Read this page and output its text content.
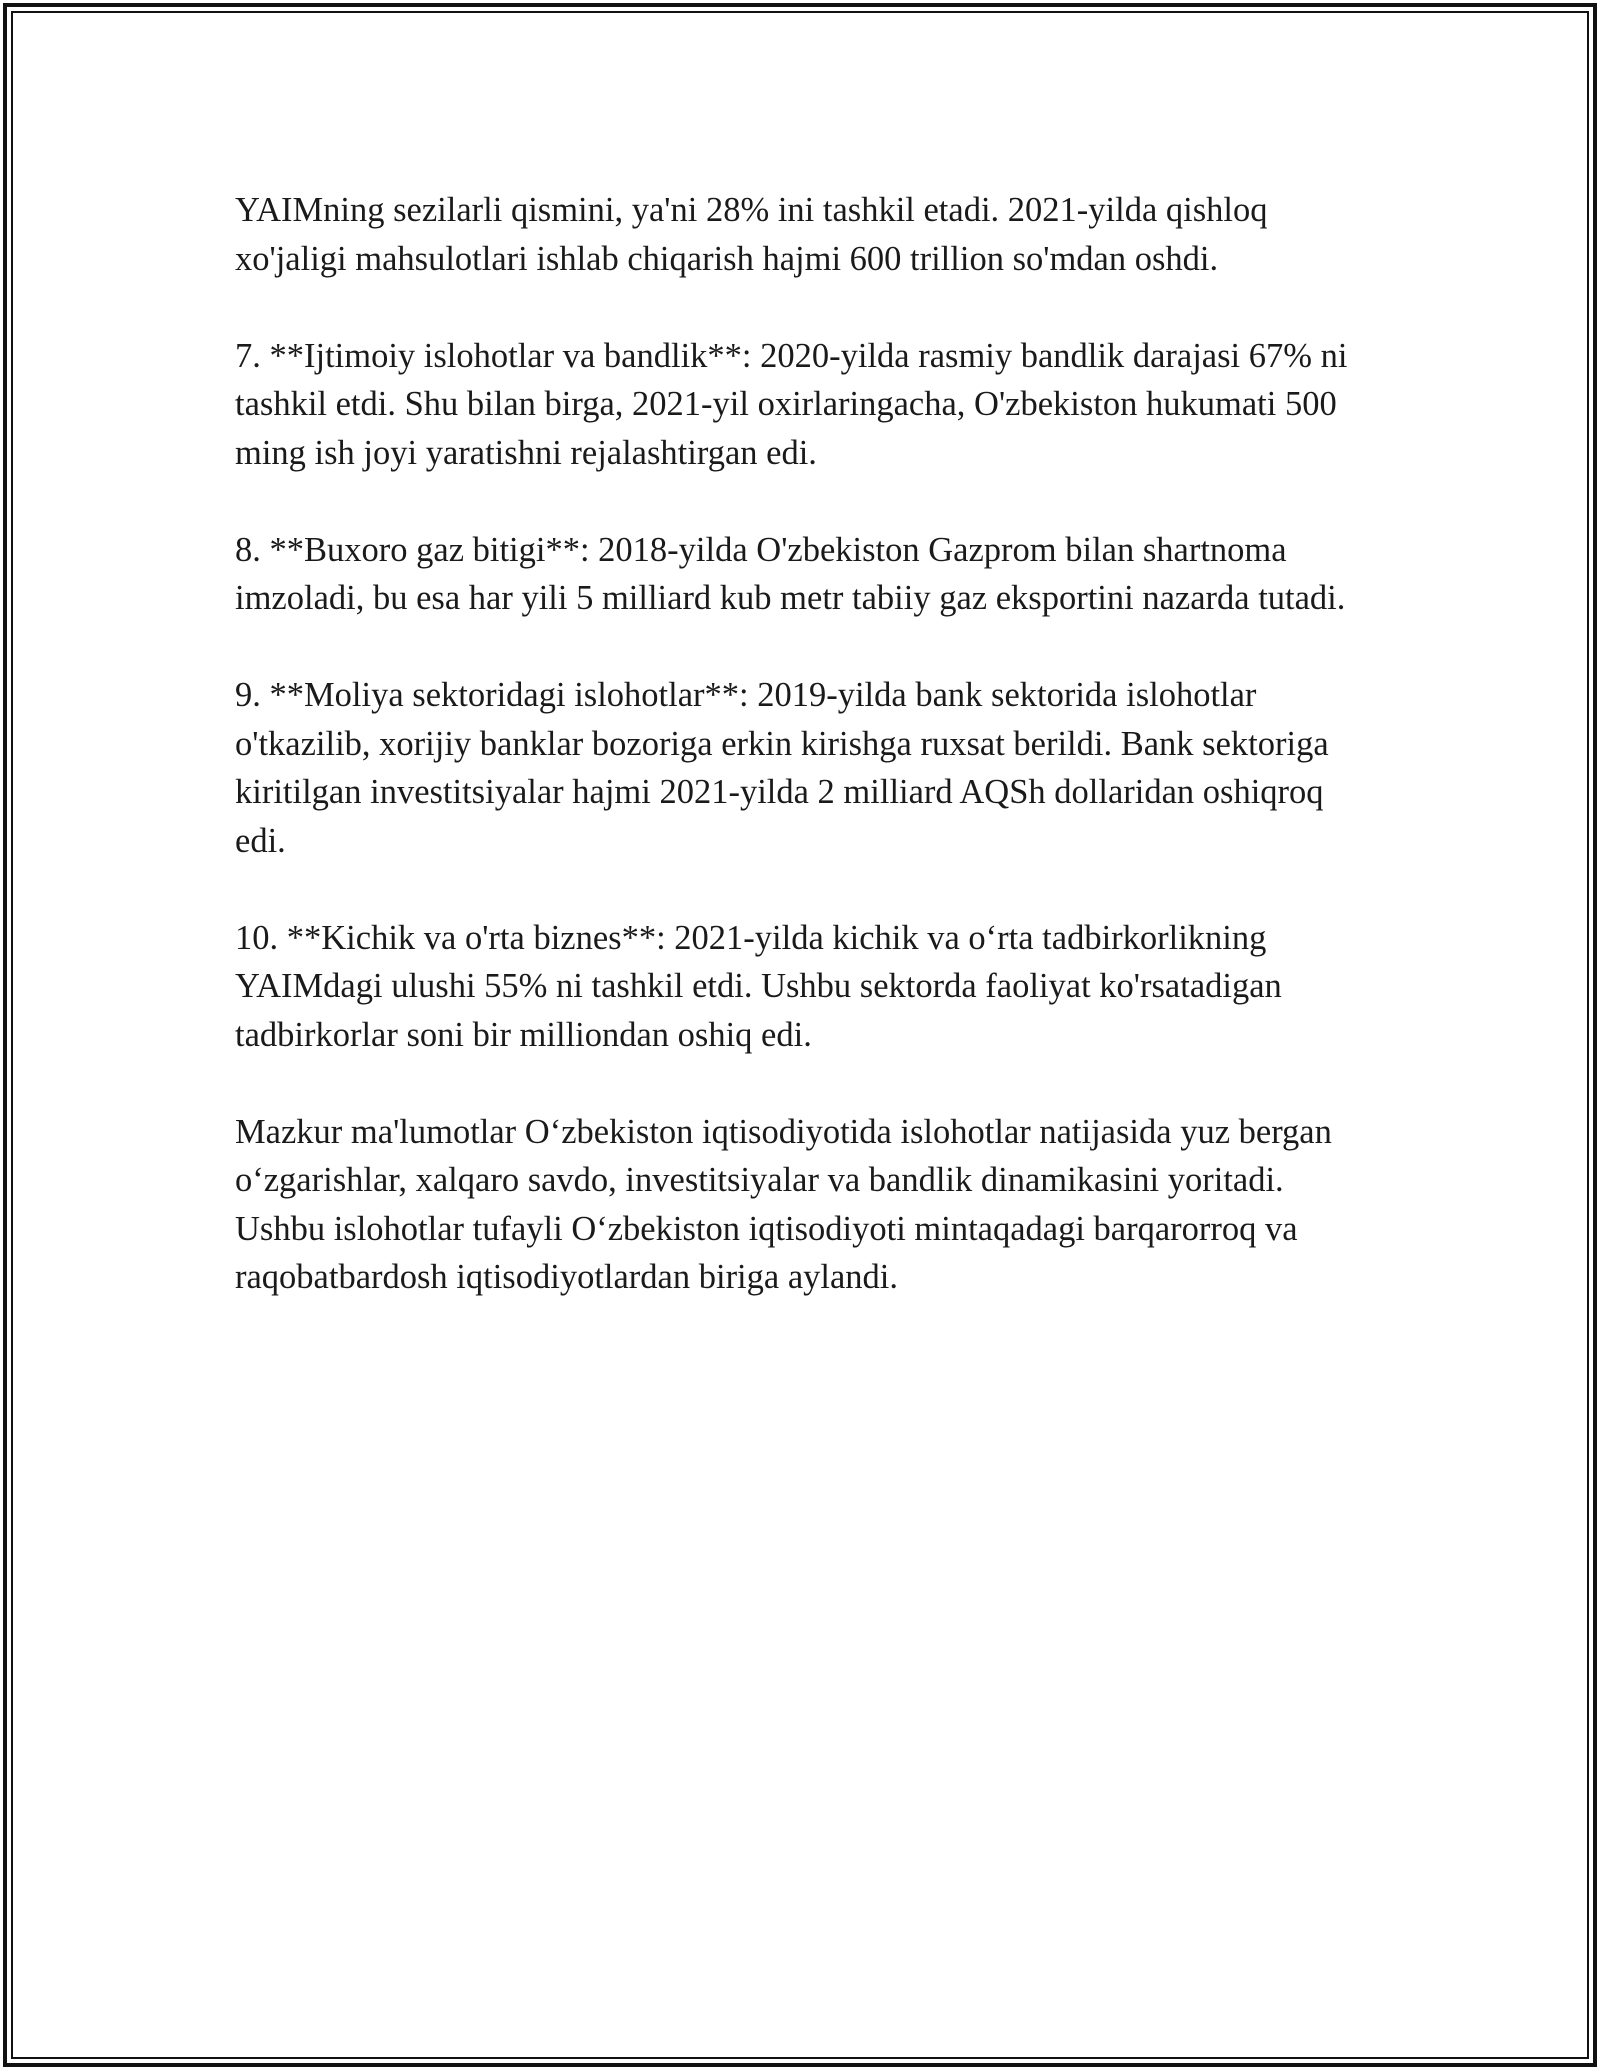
YAIMning sezilarli qismini, ya'ni 28% ini tashkil etadi. 2021-yilda qishloq xo'jaligi mahsulotlari ishlab chiqarish hajmi 600 trillion so'mdan oshdi.

7. **Ijtimoiy islohotlar va bandlik**: 2020-yilda rasmiy bandlik darajasi 67% ni tashkil etdi. Shu bilan birga, 2021-yil oxirlaringacha, O'zbekiston hukumati 500 ming ish joyi yaratishni rejalashtirgan edi.

8. **Buxoro gaz bitigi**: 2018-yilda O'zbekiston Gazprom bilan shartnoma imzoladi, bu esa har yili 5 milliard kub metr tabiiy gaz eksportini nazarda tutadi.

9. **Moliya sektoridagi islohotlar**: 2019-yilda bank sektorida islohotlar o'tkazilib, xorijiy banklar bozoriga erkin kirishga ruxsat berildi. Bank sektoriga kiritilgan investitsiyalar hajmi 2021-yilda 2 milliard AQSh dollaridan oshiqroq edi.

10. **Kichik va o'rta biznes**: 2021-yilda kichik va o‘rta tadbirkorlikning YAIMdagi ulushi 55% ni tashkil etdi. Ushbu sektorda faoliyat ko'rsatadigan tadbirkorlar soni bir milliondan oshiq edi.

Mazkur ma'lumotlar O‘zbekiston iqtisodiyotida islohotlar natijasida yuz bergan o‘zgarishlar, xalqaro savdo, investitsiyalar va bandlik dinamikasini yoritadi. Ushbu islohotlar tufayli O‘zbekiston iqtisodiyoti mintaqadagi barqarorroq va raqobatbardosh iqtisodiyotlardan biriga aylandi.
